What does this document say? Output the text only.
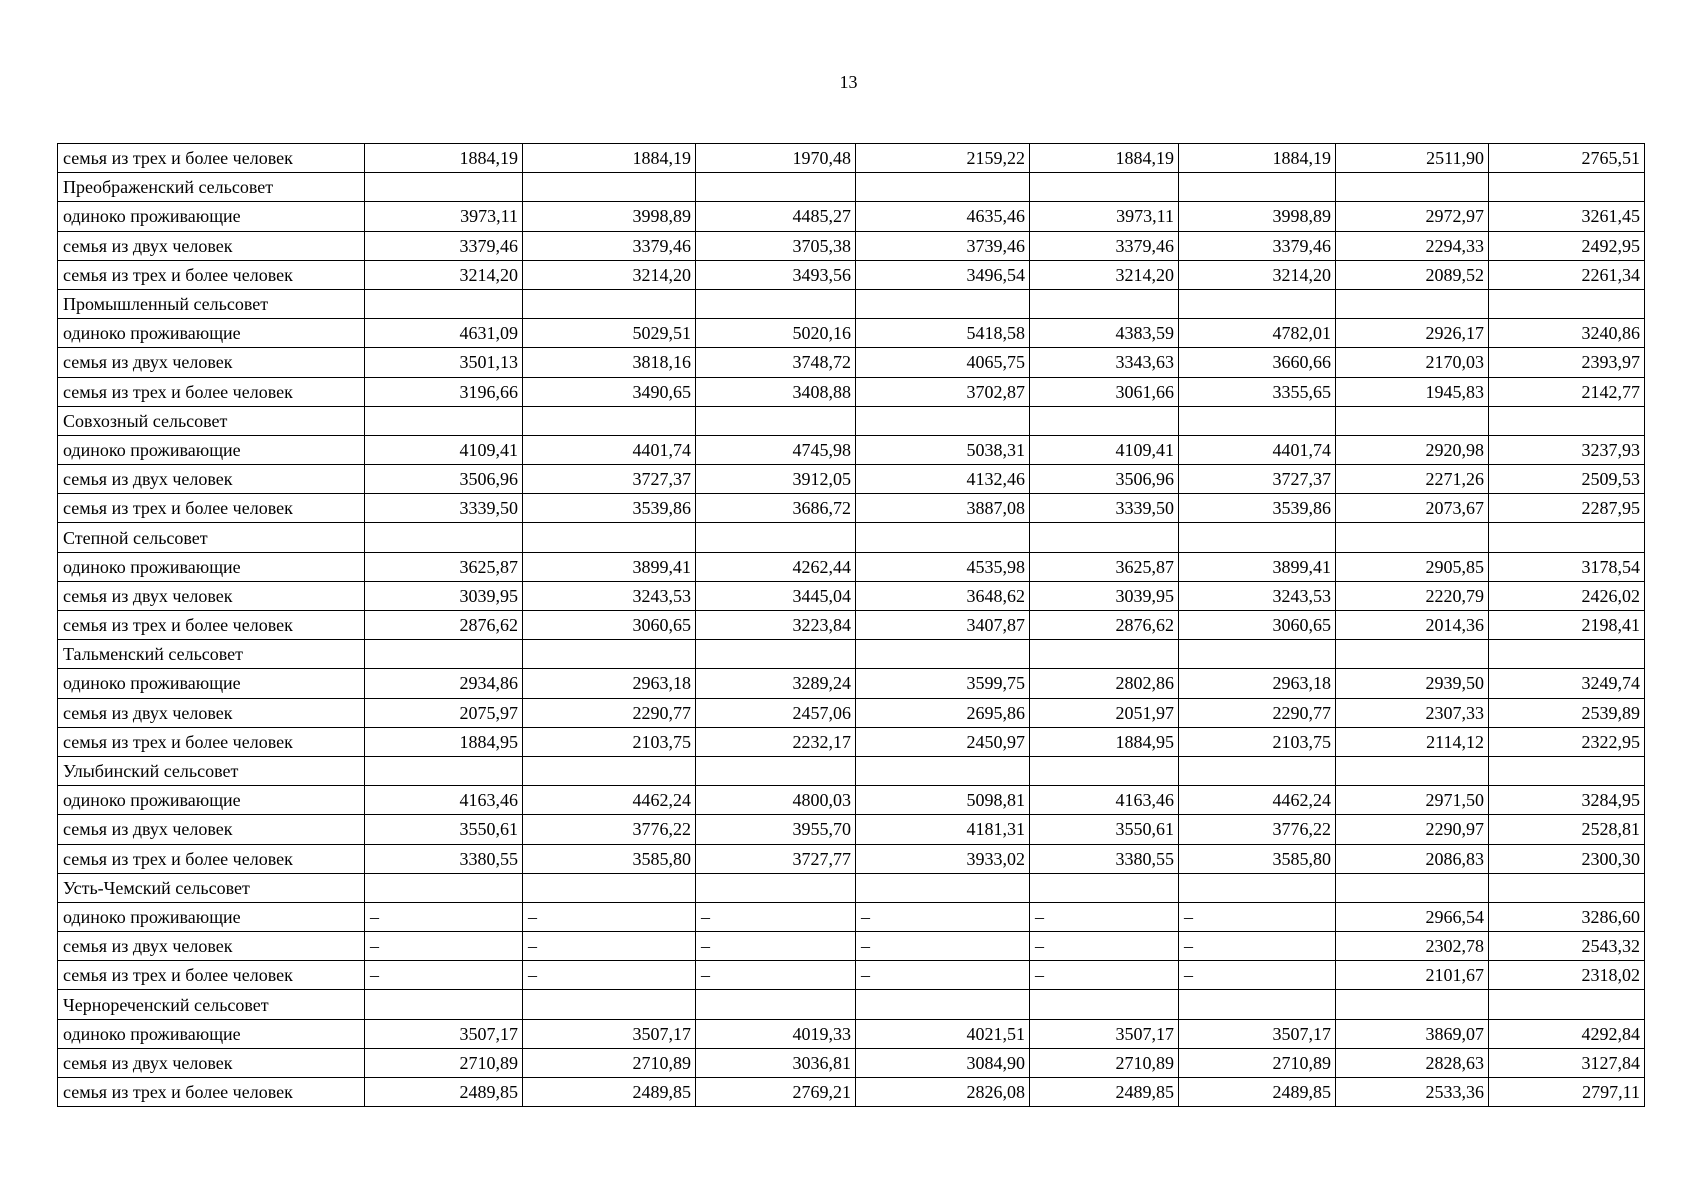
13
семья из трех и более человек	1884,19	1884,19	1970,48	2159,22	1884,19	1884,19	2511,90	2765,51
Преображенский сельсовет								
одиноко проживающие	3973,11	3998,89	4485,27	4635,46	3973,11	3998,89	2972,97	3261,45
семья из двух человек	3379,46	3379,46	3705,38	3739,46	3379,46	3379,46	2294,33	2492,95
семья из трех и более человек	3214,20	3214,20	3493,56	3496,54	3214,20	3214,20	2089,52	2261,34
Промышленный сельсовет								
одиноко проживающие	4631,09	5029,51	5020,16	5418,58	4383,59	4782,01	2926,17	3240,86
семья из двух человек	3501,13	3818,16	3748,72	4065,75	3343,63	3660,66	2170,03	2393,97
семья из трех и более человек	3196,66	3490,65	3408,88	3702,87	3061,66	3355,65	1945,83	2142,77
Совхозный сельсовет								
одиноко проживающие	4109,41	4401,74	4745,98	5038,31	4109,41	4401,74	2920,98	3237,93
семья из двух человек	3506,96	3727,37	3912,05	4132,46	3506,96	3727,37	2271,26	2509,53
семья из трех и более человек	3339,50	3539,86	3686,72	3887,08	3339,50	3539,86	2073,67	2287,95
Степной сельсовет								
одиноко проживающие	3625,87	3899,41	4262,44	4535,98	3625,87	3899,41	2905,85	3178,54
семья из двух человек	3039,95	3243,53	3445,04	3648,62	3039,95	3243,53	2220,79	2426,02
семья из трех и более человек	2876,62	3060,65	3223,84	3407,87	2876,62	3060,65	2014,36	2198,41
Тальменский сельсовет								
одиноко проживающие	2934,86	2963,18	3289,24	3599,75	2802,86	2963,18	2939,50	3249,74
семья из двух человек	2075,97	2290,77	2457,06	2695,86	2051,97	2290,77	2307,33	2539,89
семья из трех и более человек	1884,95	2103,75	2232,17	2450,97	1884,95	2103,75	2114,12	2322,95
Улыбинский сельсовет								
одиноко проживающие	4163,46	4462,24	4800,03	5098,81	4163,46	4462,24	2971,50	3284,95
семья из двух человек	3550,61	3776,22	3955,70	4181,31	3550,61	3776,22	2290,97	2528,81
семья из трех и более человек	3380,55	3585,80	3727,77	3933,02	3380,55	3585,80	2086,83	2300,30
Усть-Чемский сельсовет								
одиноко проживающие	–	–	–	–	–	–	2966,54	3286,60
семья из двух человек	–	–	–	–	–	–	2302,78	2543,32
семья из трех и более человек	–	–	–	–	–	–	2101,67	2318,02
Чернореченский сельсовет								
одиноко проживающие	3507,17	3507,17	4019,33	4021,51	3507,17	3507,17	3869,07	4292,84
семья из двух человек	2710,89	2710,89	3036,81	3084,90	2710,89	2710,89	2828,63	3127,84
семья из трех и более человек	2489,85	2489,85	2769,21	2826,08	2489,85	2489,85	2533,36	2797,11
